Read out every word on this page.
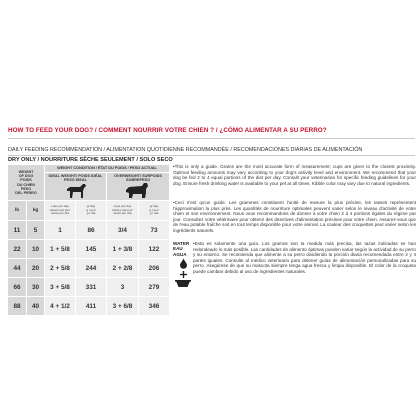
HOW TO FEED YOUR DOG? / COMMENT NOURRIR VOTRE CHIEN ? / ¿CÓMO ALIMENTAR A SU PERRO?
DAILY FEEDING RECOMMENDATION / ALIMENTATION QUOTIDIENNE RECOMMANDÉE / RECOMENDACIONES DIARIAS DE ALIMENTACIÓN
DRY ONLY / NOURRITURE SÈCHE SEULEMENT / SOLO SECO
WEIGHT
OF DOG
POIDS
DU CHIEN
PESO
DEL PERRO
WEIGHT CONDITION / ÉTAT DU POIDS / PESO ACTUAL
IDEAL WEIGHT/ POIDS IDÉAL
PESO IDEAL
OVERWEIGHT/ SURPOIDS
SOBREPESO
lb	kg
cups per day
tasses par jour
tazas por día
g/ day
g / jour
g / día
cups per day
tasses par jour
tazas por día
g/ day
g / jour
g / día
11	5	1	86	3/4	73
22	10	1 + 5/8	145	1 + 3/8	122
44	20	2 + 5/8	244	2 + 2/8	206
66	30	3 + 5/8	331	3	279
88	40	4 + 1/2	411	3 + 6/8	346
•This is only a guide. Grams are the most accurate form of measurement; cups are given to the closest proximity. Optimal feeding amounts may vary according to your dog's activity level and environment. We recommend that your dog be fed 2 to 4 equal portions of the diet per day. Consult your veterinarian for specific feeding guidelines for your dog. Ensure fresh drinking water is available to your pet at all times. Kibble color may vary due to natural ingredients.
•Ceci n'est qu'un guide. Les grammes constituent l'unité de mesure la plus précise, les tasses représentent l'approximation la plus près. Les quantités de nourriture optimales peuvent varier selon le niveau d'activité de votre chien et son environnement. Nous vous recommandons de donner à votre chien 2 à 4 portions égales du régime par jour. Consultez votre vétérinaire pour obtenir des directives d'alimentation précises pour votre chien. Assurez-vous que de l'eau potable fraîche soit en tout temps disponible pour votre animal. La couleur des croquettes peut varier selon les ingrédients naturels.
WATER
EAU
AGUA
•Esta es solamente una guía. Los gramos son la medida más precisa, las tazas indicadas se han redondeado lo más posible. Las cantidades de alimento óptimas pueden variar según la actividad de su perro y su entorno. Se recomienda que alimente a su perro dividiendo la porción diaria recomendada entre 2 y 4 partes iguales. Consulte al médico veterinario para obtener guías de alimentación personalizadas para su perro. Asegúrese de que su mascota siempre tenga agua fresca y limpia disponible. El color de la croqueta puede cambiar debido al uso de ingredientes naturales.
